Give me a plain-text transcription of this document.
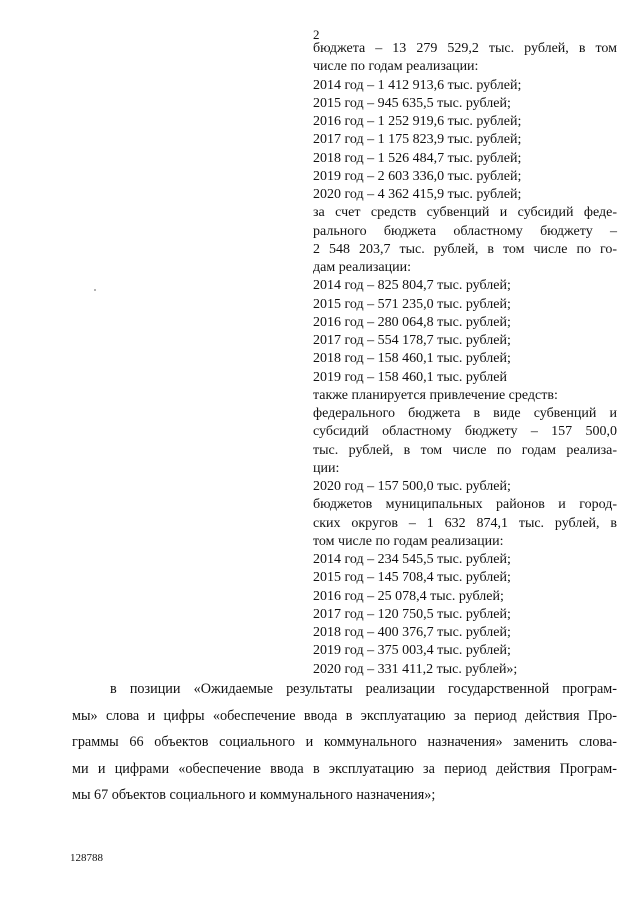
2
бюджета – 13 279 529,2 тыс. рублей, в том
числе по годам реализации:
2014 год – 1 412 913,6 тыс. рублей;
2015 год – 945 635,5 тыс. рублей;
2016 год – 1 252 919,6 тыс. рублей;
2017 год – 1 175 823,9 тыс. рублей;
2018 год – 1 526 484,7 тыс. рублей;
2019 год – 2 603 336,0 тыс. рублей;
2020 год – 4 362 415,9 тыс. рублей;
за счет средств субвенций и субсидий феде-
рального бюджета областному бюджету –
2 548 203,7 тыс. рублей, в том числе по го-
дам реализации:
2014 год – 825 804,7 тыс. рублей;
2015 год – 571 235,0 тыс. рублей;
2016 год – 280 064,8 тыс. рублей;
2017 год – 554 178,7 тыс. рублей;
2018 год – 158 460,1 тыс. рублей;
2019 год – 158 460,1 тыс. рублей
также планируется привлечение средств:
федерального бюджета в виде субвенций и
субсидий областному бюджету – 157 500,0
тыс. рублей, в том числе по годам реализа-
ции:
2020 год – 157 500,0 тыс. рублей;
бюджетов муниципальных районов и город-
ских округов – 1 632 874,1 тыс. рублей, в
том числе по годам реализации:
2014 год – 234 545,5 тыс. рублей;
2015 год – 145 708,4 тыс. рублей;
2016 год – 25 078,4 тыс. рублей;
2017 год – 120 750,5 тыс. рублей;
2018 год – 400 376,7 тыс. рублей;
2019 год – 375 003,4 тыс. рублей;
2020 год – 331 411,2 тыс. рублей»;
в позиции «Ожидаемые результаты реализации государственной програм-
мы» слова и цифры «обеспечение ввода в эксплуатацию за период действия Про-
граммы 66 объектов социального и коммунального назначения» заменить слова-
ми и цифрами «обеспечение ввода в эксплуатацию за период действия Програм-
мы 67 объектов социального и коммунального назначения»;
128788
